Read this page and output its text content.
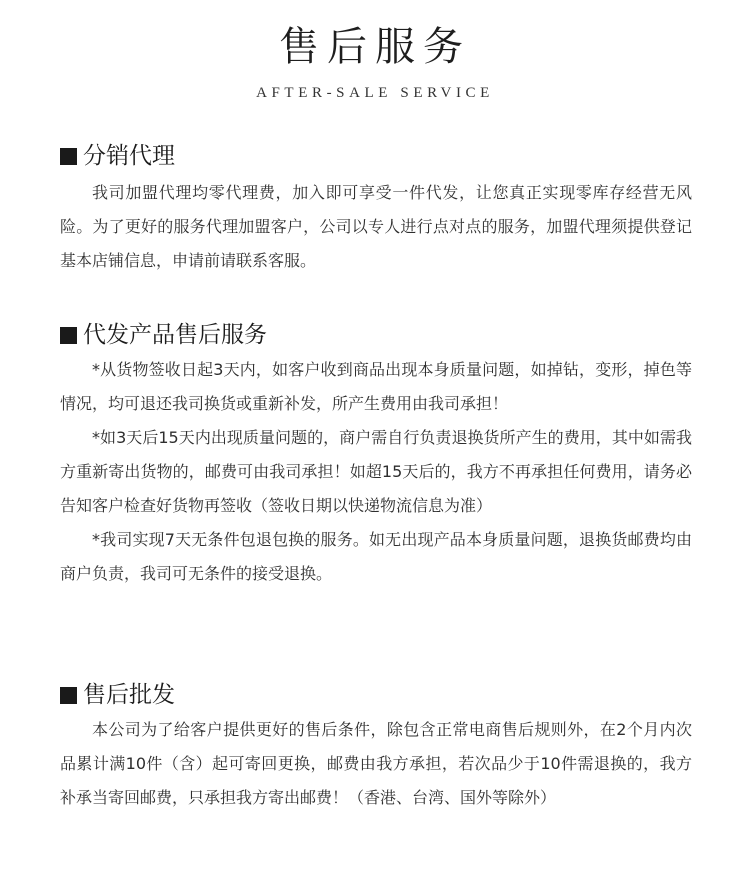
售后服务
AFTER-SALE SERVICE
分销代理

我司加盟代理均零代理费，加入即可享受一件代发，让您真正实现零库存经营无风险。为了更好的服务代理加盟客户，公司以专人进行点对点的服务，加盟代理须提供登记基本店铺信息，申请前请联系客服。

代发产品售后服务

*从货物签收日起3天内，如客户收到商品出现本身质量问题，如掉钻，变形，掉色等情况，均可退还我司换货或重新补发，所产生费用由我司承担！

*如3天后15天内出现质量问题的，商户需自行负责退换货所产生的费用，其中如需我方重新寄出货物的，邮费可由我司承担！如超15天后的，我方不再承担任何费用，请务必告知客户检查好货物再签收（签收日期以快递物流信息为准）

*我司实现7天无条件包退包换的服务。如无出现产品本身质量问题，退换货邮费均由商户负责，我司可无条件的接受退换。

售后批发

本公司为了给客户提供更好的售后条件，除包含正常电商售后规则外，在2个月内次品累计满10件（含）起可寄回更换，邮费由我方承担，若次品少于10件需退换的，我方补承当寄回邮费，只承担我方寄出邮费！（香港、台湾、国外等除外）
